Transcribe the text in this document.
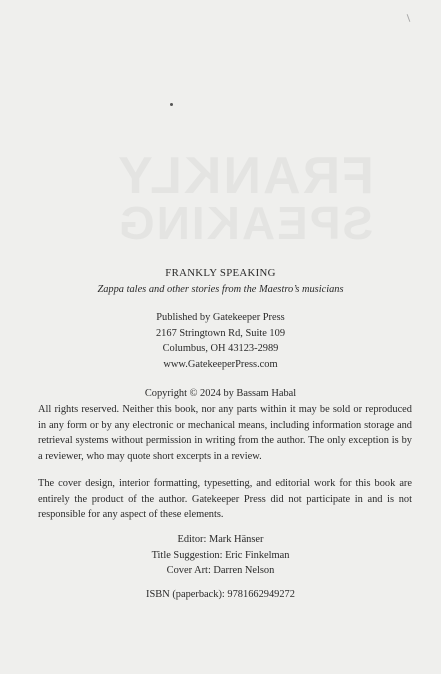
FRANKLY SPEAKING
Zappa tales and other stories from the Maestro’s musicians
Published by Gatekeeper Press
2167 Stringtown Rd, Suite 109
Columbus, OH 43123-2989
www.GatekeeperPress.com
Copyright © 2024 by Bassam Habal
All rights reserved. Neither this book, nor any parts within it may be sold or reproduced in any form or by any electronic or mechanical means, including information storage and retrieval systems without permission in writing from the author. The only exception is by a reviewer, who may quote short excerpts in a review.
The cover design, interior formatting, typesetting, and editorial work for this book are entirely the product of the author. Gatekeeper Press did not participate in and is not responsible for any aspect of these elements.
Editor: Mark Hänser
Title Suggestion: Eric Finkelman
Cover Art: Darren Nelson
ISBN (paperback): 9781662949272
